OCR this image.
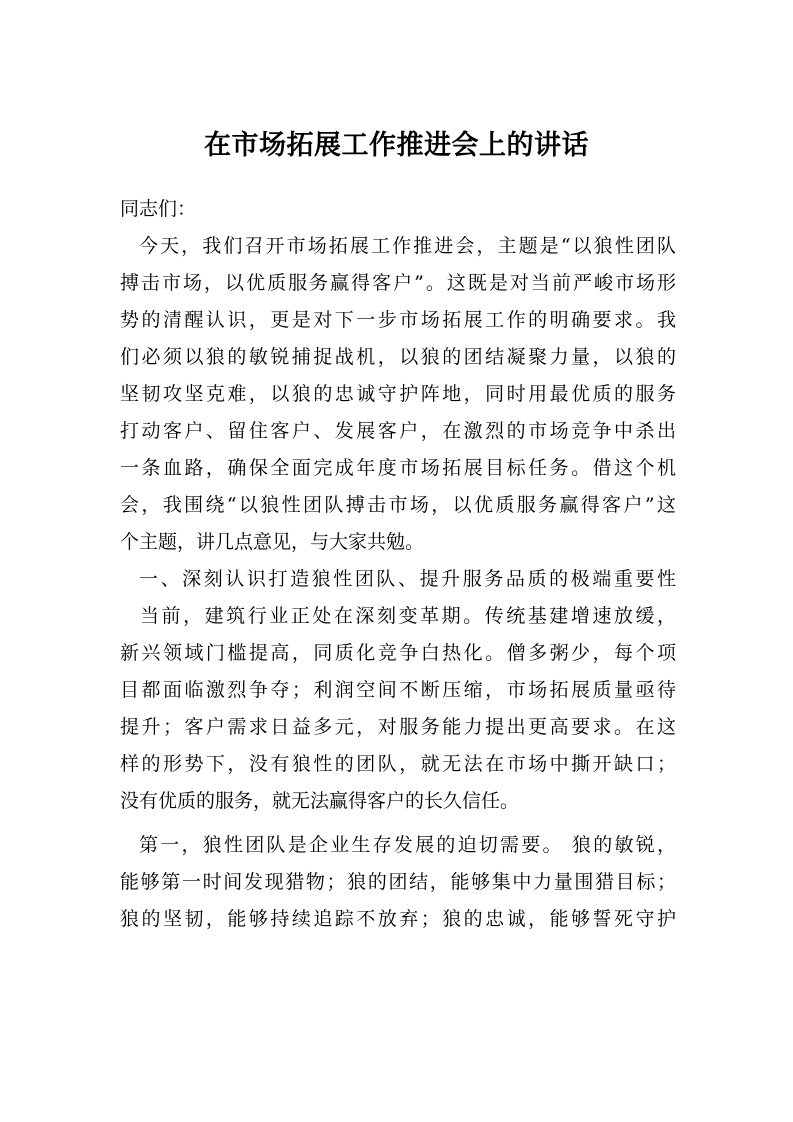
在市场拓展工作推进会上的讲话
同志们：
今天，我们召开市场拓展工作推进会，主题是“以狼性团队
搏击市场，以优质服务赢得客户”。这既是对当前严峻市场形
势的清醒认识，更是对下一步市场拓展工作的明确要求。我
们必须以狼的敏锐捕捉战机，以狼的团结凝聚力量，以狼的
坚韧攻坚克难，以狼的忠诚守护阵地，同时用最优质的服务
打动客户、留住客户、发展客户，在激烈的市场竞争中杀出
一条血路，确保全面完成年度市场拓展目标任务。借这个机
会，我围绕“以狼性团队搏击市场，以优质服务赢得客户”这
个主题，讲几点意见，与大家共勉。
一、深刻认识打造狼性团队、提升服务品质的极端重要性
当前，建筑行业正处在深刻变革期。传统基建增速放缓，
新兴领域门槛提高，同质化竞争白热化。僧多粥少，每个项
目都面临激烈争夺；利润空间不断压缩，市场拓展质量亟待
提升；客户需求日益多元，对服务能力提出更高要求。在这
样的形势下，没有狼性的团队，就无法在市场中撕开缺口；
没有优质的服务，就无法赢得客户的长久信任。
第一，狼性团队是企业生存发展的迫切需要。 狼的敏锐，
能够第一时间发现猎物；狼的团结，能够集中力量围猎目标；
狼的坚韧，能够持续追踪不放弃；狼的忠诚，能够誓死守护
